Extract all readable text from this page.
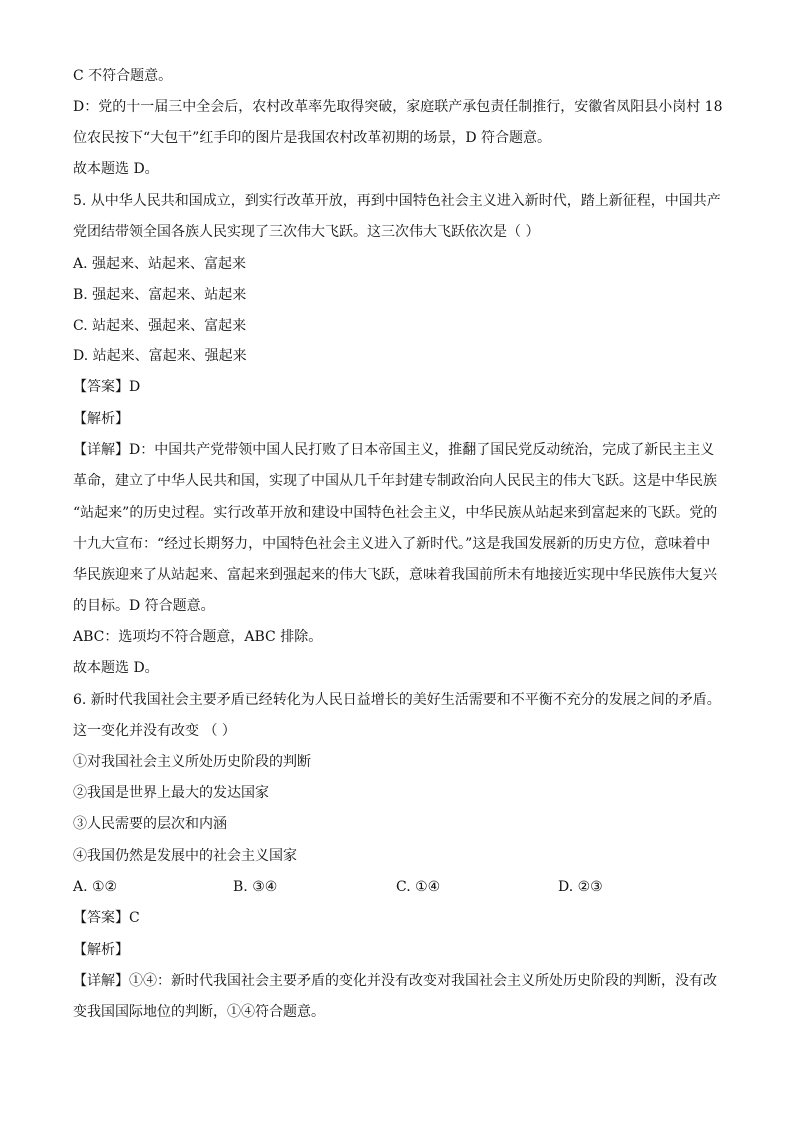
C 不符合题意。
D：党的十一届三中全会后，农村改革率先取得突破，家庭联产承包责任制推行，安徽省凤阳县小岗村 18
位农民按下“大包干”红手印的图片是我国农村改革初期的场景，D 符合题意。
故本题选 D。
5. 从中华人民共和国成立，到实行改革开放，再到中国特色社会主义进入新时代，踏上新征程，中国共产
党团结带领全国各族人民实现了三次伟大飞跃。这三次伟大飞跃依次是（ ）
A. 强起来、站起来、富起来
B. 强起来、富起来、站起来
C. 站起来、强起来、富起来
D. 站起来、富起来、强起来
【答案】D
【解析】
【详解】D：中国共产党带领中国人民打败了日本帝国主义，推翻了国民党反动统治，完成了新民主主义
革命，建立了中华人民共和国，实现了中国从几千年封建专制政治向人民民主的伟大飞跃。这是中华民族
“站起来”的历史过程。实行改革开放和建设中国特色社会主义，中华民族从站起来到富起来的飞跃。党的
十九大宣布：“经过长期努力，中国特色社会主义进入了新时代。”这是我国发展新的历史方位，意味着中
华民族迎来了从站起来、富起来到强起来的伟大飞跃，意味着我国前所未有地接近实现中华民族伟大复兴
的目标。D 符合题意。
ABC：选项均不符合题意，ABC 排除。
故本题选 D。
6. 新时代我国社会主要矛盾已经转化为人民日益增长的美好生活需要和不平衡不充分的发展之间的矛盾。
这一变化并没有改变 （ ）
①对我国社会主义所处历史阶段的判断
②我国是世界上最大的发达国家
③人民需要的层次和内涵
④我国仍然是发展中的社会主义国家
A. ①②	B. ③④	C. ①④	D. ②③
【答案】C
【解析】
【详解】①④：新时代我国社会主要矛盾的变化并没有改变对我国社会主义所处历史阶段的判断，没有改
变我国国际地位的判断，①④符合题意。
